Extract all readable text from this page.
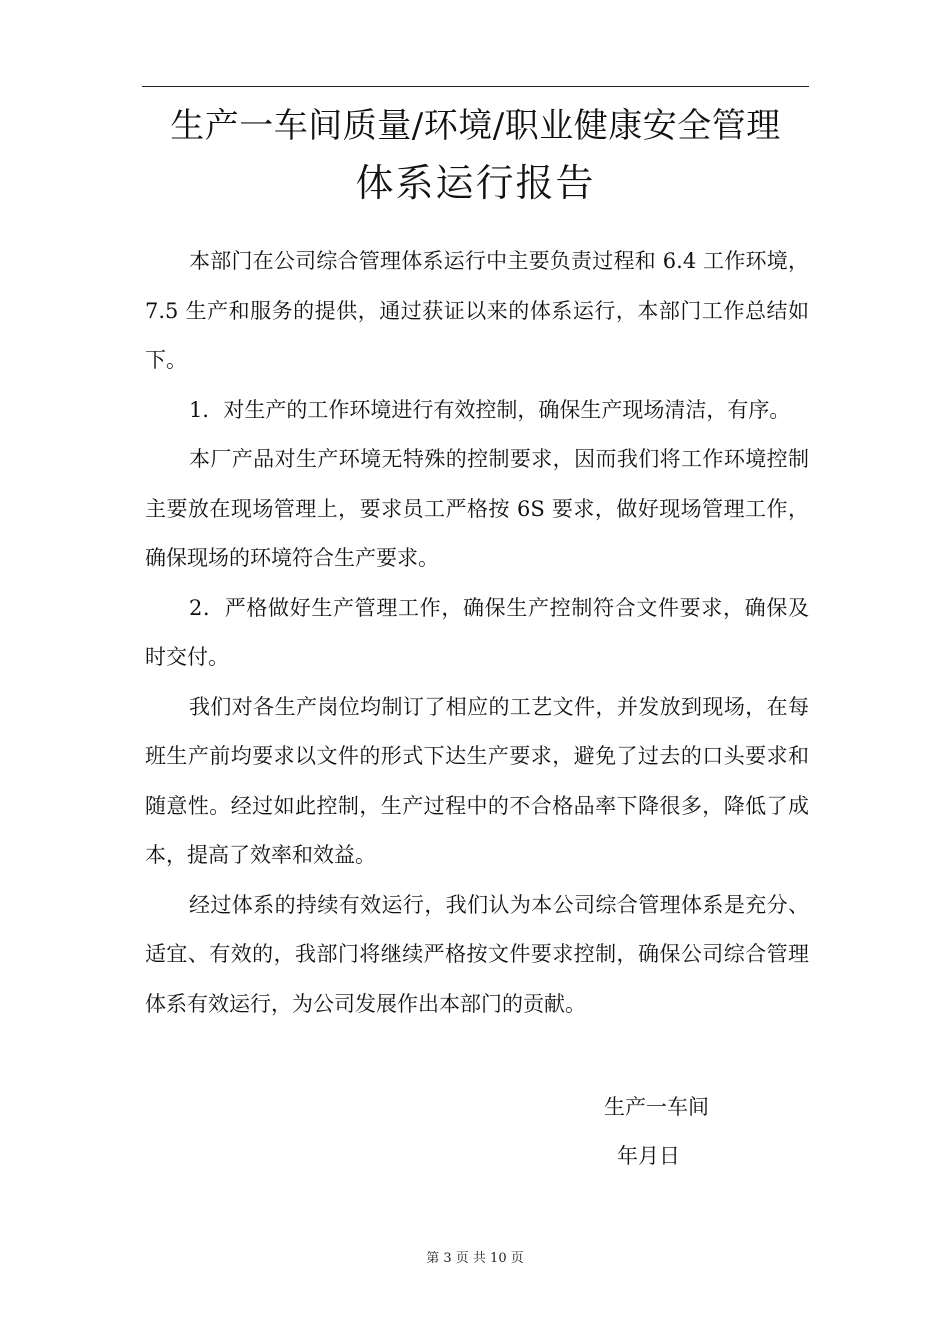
生产一车间质量/环境/职业健康安全管理
体系运行报告

本部门在公司综合管理体系运行中主要负责过程和 6.4 工作环境，7.5 生产和服务的提供，通过获证以来的体系运行，本部门工作总结如下。

1．对生产的工作环境进行有效控制，确保生产现场清洁，有序。

本厂产品对生产环境无特殊的控制要求，因而我们将工作环境控制主要放在现场管理上，要求员工严格按 6S 要求，做好现场管理工作，确保现场的环境符合生产要求。

2．严格做好生产管理工作，确保生产控制符合文件要求，确保及时交付。

我们对各生产岗位均制订了相应的工艺文件，并发放到现场，在每班生产前均要求以文件的形式下达生产要求，避免了过去的口头要求和随意性。经过如此控制，生产过程中的不合格品率下降很多，降低了成本，提高了效率和效益。

经过体系的持续有效运行，我们认为本公司综合管理体系是充分、适宜、有效的，我部门将继续严格按文件要求控制，确保公司综合管理体系有效运行，为公司发展作出本部门的贡献。

生产一车间
年月日
第 3 页 共 10 页
